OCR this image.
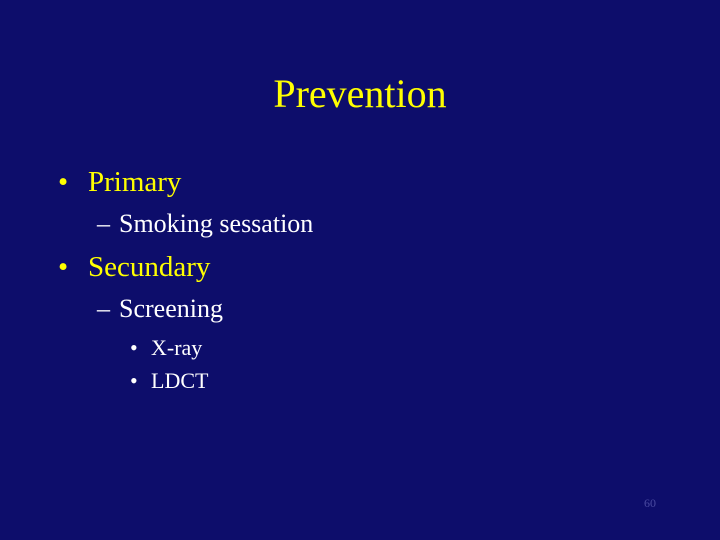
Prevention
• Primary
– Smoking sessation
• Secundary
– Screening
• X-ray
• LDCT
60
